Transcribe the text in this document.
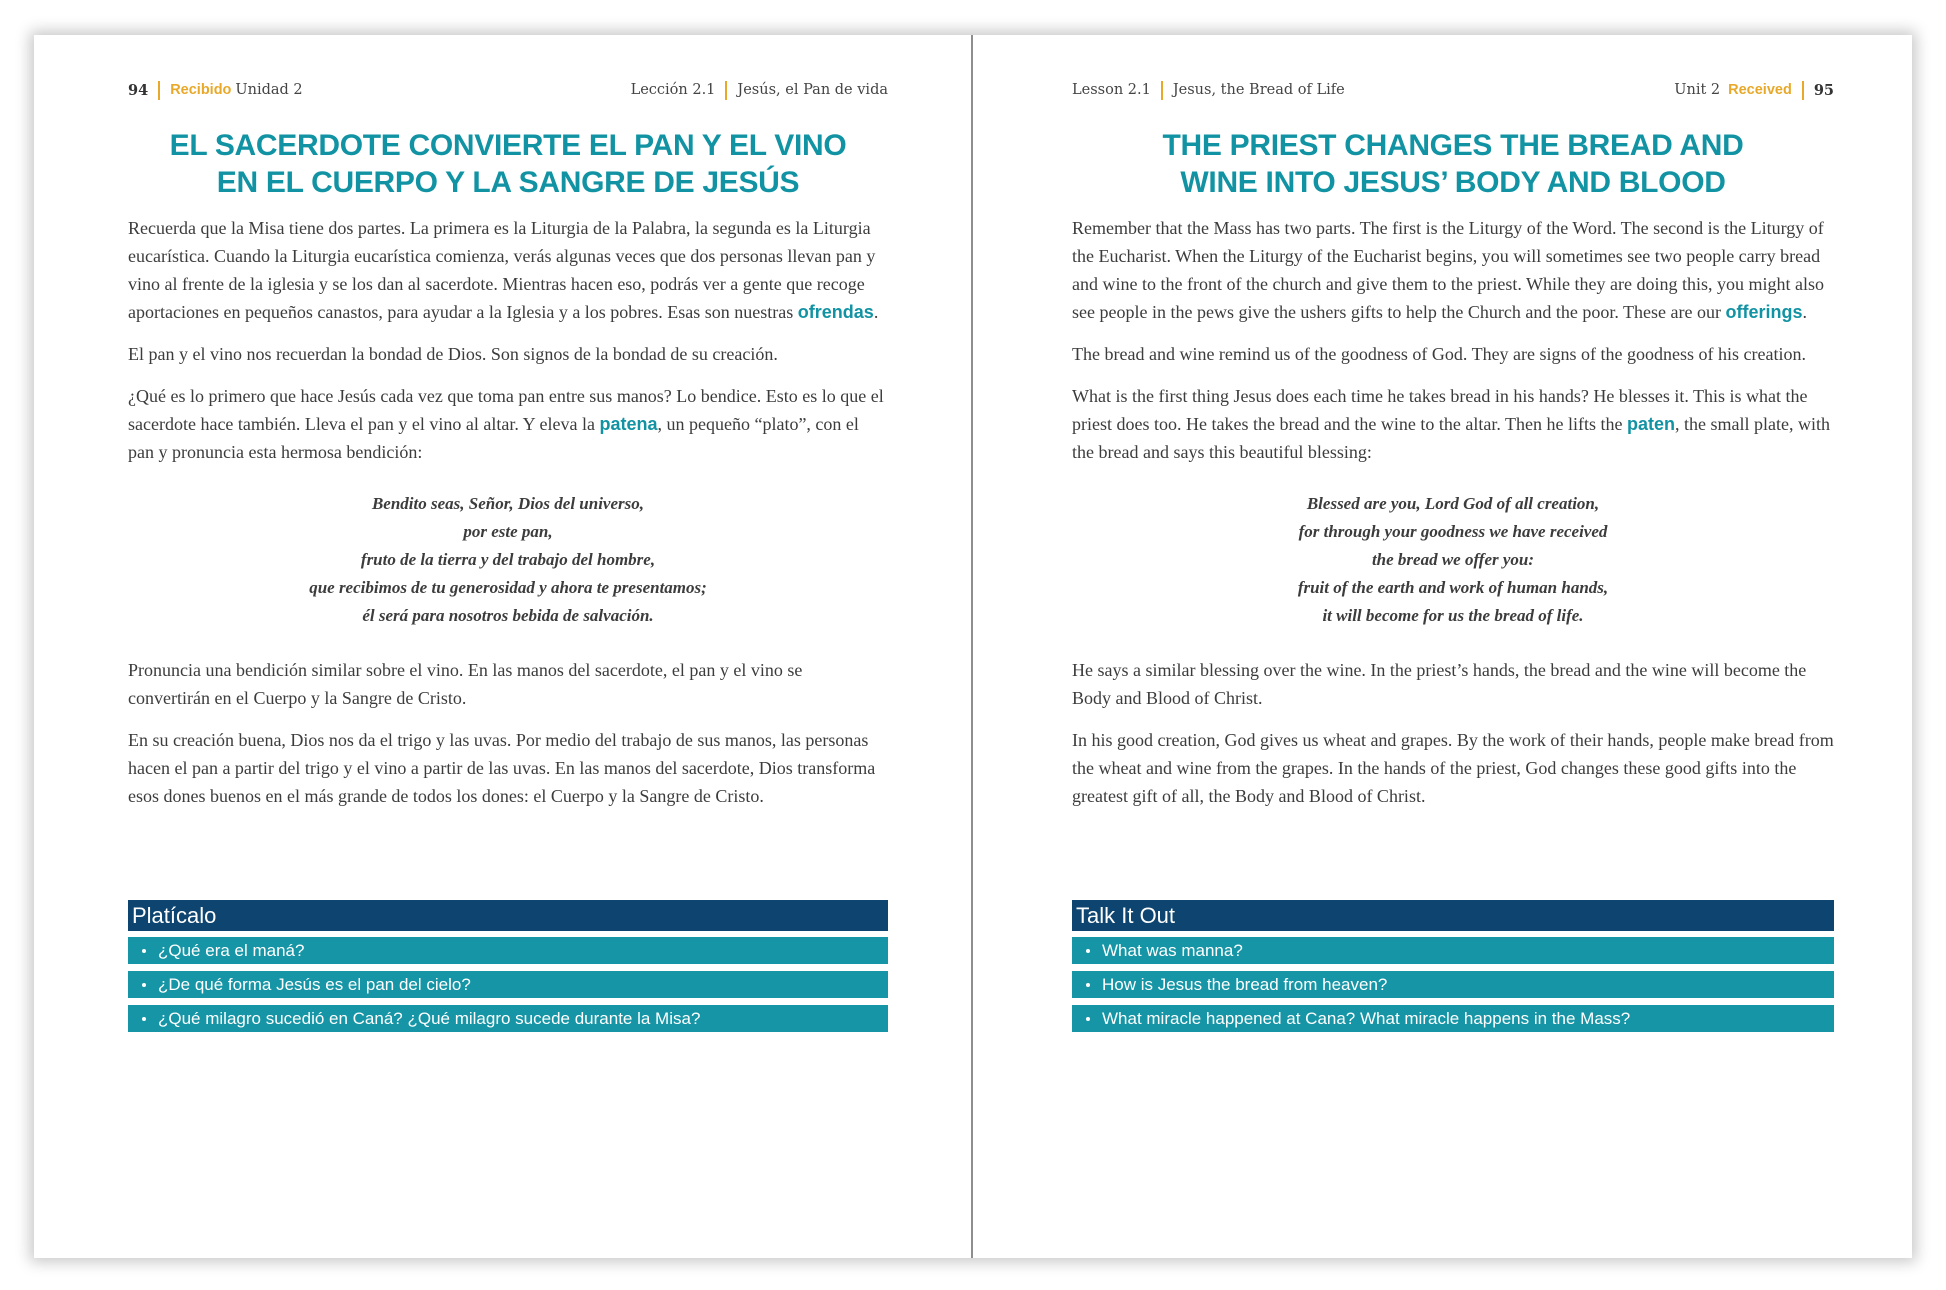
94 Recibido Unidad 2	Lección 2.1 Jesús, el Pan de vida
EL SACERDOTE CONVIERTE EL PAN Y EL VINO
EN EL CUERPO Y LA SANGRE DE JESÚS

Recuerda que la Misa tiene dos partes. La primera es la Liturgia de la Palabra, la segunda es la Liturgia eucarística. Cuando la Liturgia eucarística comienza, verás algunas veces que dos personas llevan pan y vino al frente de la iglesia y se los dan al sacerdote. Mientras hacen eso, podrás ver a gente que recoge aportaciones en pequeños canastos, para ayudar a la Iglesia y a los pobres. Esas son nuestras ofrendas.

El pan y el vino nos recuerdan la bondad de Dios. Son signos de la bondad de su creación.

¿Qué es lo primero que hace Jesús cada vez que toma pan entre sus manos? Lo bendice. Esto es lo que el sacerdote hace también. Lleva el pan y el vino al altar. Y eleva la patena, un pequeño “plato”, con el pan y pronuncia esta hermosa bendición:

Bendito seas, Señor, Dios del universo,
por este pan,
fruto de la tierra y del trabajo del hombre,
que recibimos de tu generosidad y ahora te presentamos;
él será para nosotros bebida de salvación.

Pronuncia una bendición similar sobre el vino. En las manos del sacerdote, el pan y el vino se convertirán en el Cuerpo y la Sangre de Cristo.

En su creación buena, Dios nos da el trigo y las uvas. Por medio del trabajo de sus manos, las personas hacen el pan a partir del trigo y el vino a partir de las uvas. En las manos del sacerdote, Dios transforma esos dones buenos en el más grande de todos los dones: el Cuerpo y la Sangre de Cristo.

Platícalo
¿Qué era el maná?
¿De qué forma Jesús es el pan del cielo?
¿Qué milagro sucedió en Caná? ¿Qué milagro sucede durante la Misa?
Lesson 2.1 Jesus, the Bread of Life	Unit 2 Received 95
THE PRIEST CHANGES THE BREAD AND
WINE INTO JESUS’ BODY AND BLOOD

Remember that the Mass has two parts. The first is the Liturgy of the Word. The second is the Liturgy of the Eucharist. When the Liturgy of the Eucharist begins, you will sometimes see two people carry bread and wine to the front of the church and give them to the priest. While they are doing this, you might also see people in the pews give the ushers gifts to help the Church and the poor. These are our offerings.

The bread and wine remind us of the goodness of God. They are signs of the goodness of his creation.

What is the first thing Jesus does each time he takes bread in his hands? He blesses it. This is what the priest does too. He takes the bread and the wine to the altar. Then he lifts the paten, the small plate, with the bread and says this beautiful blessing:

Blessed are you, Lord God of all creation,
for through your goodness we have received
the bread we offer you:
fruit of the earth and work of human hands,
it will become for us the bread of life.

He says a similar blessing over the wine. In the priest’s hands, the bread and the wine will become the Body and Blood of Christ.

In his good creation, God gives us wheat and grapes. By the work of their hands, people make bread from the wheat and wine from the grapes. In the hands of the priest, God changes these good gifts into the greatest gift of all, the Body and Blood of Christ.

Talk It Out
What was manna?
How is Jesus the bread from heaven?
What miracle happened at Cana? What miracle happens in the Mass?
